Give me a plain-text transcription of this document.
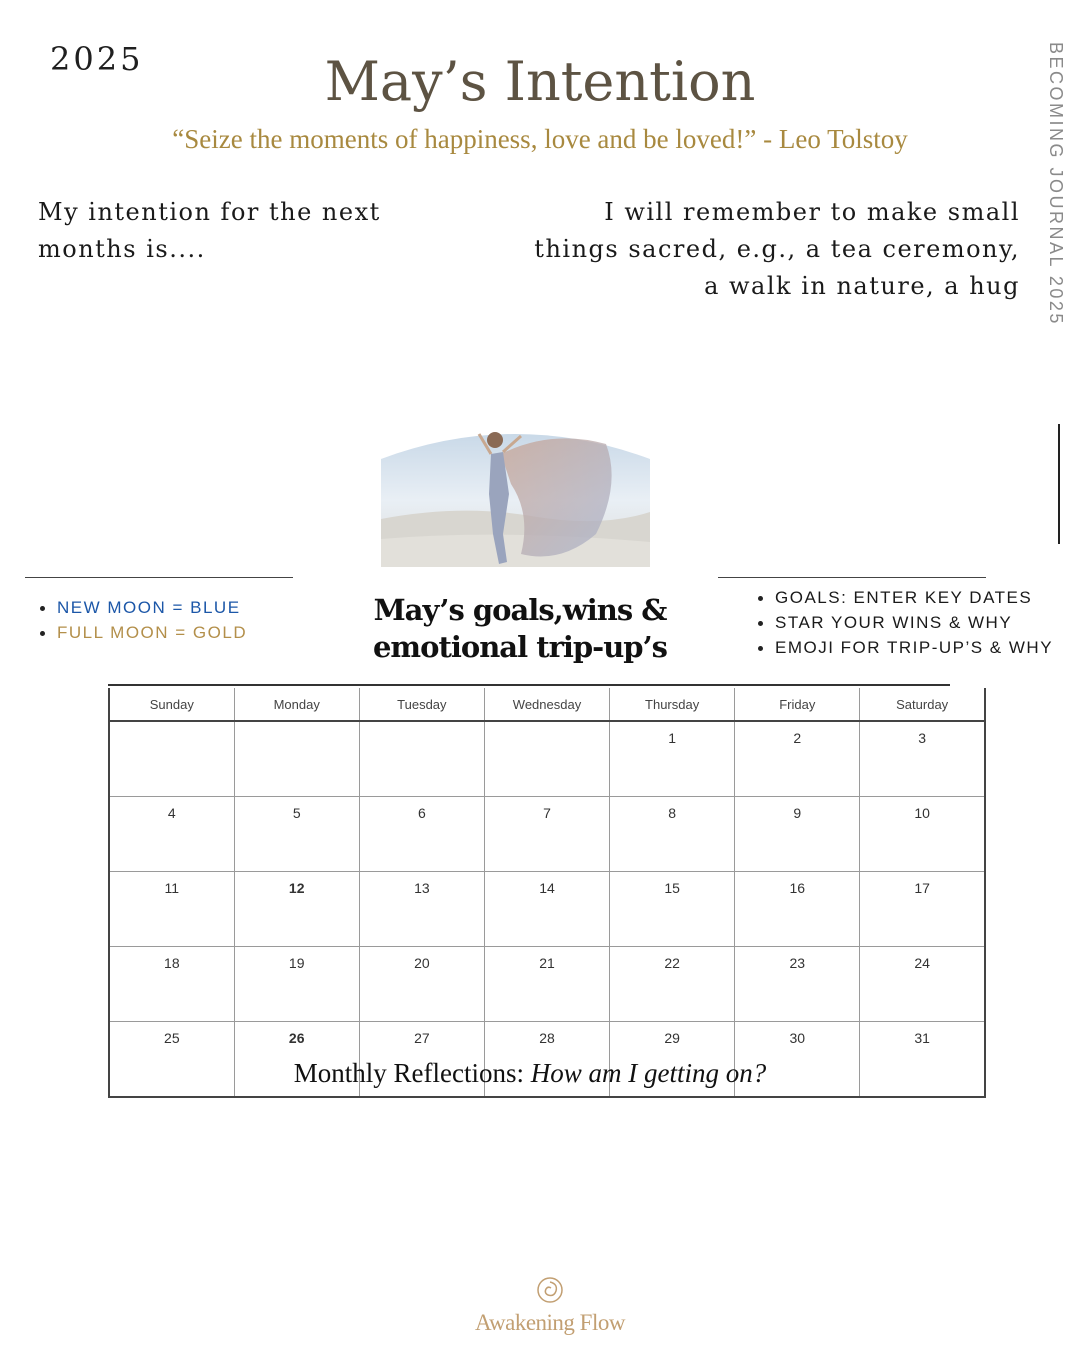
2025	May’s Intention
“Seize the moments of happiness, love and be loved!” - Leo Tolstoy	BECOMING JOURNAL 2025
My intention for the next months is....
I will remember to make small things sacred, e.g., a tea ceremony, a walk in nature, a hug
NEW MOON = BLUE
FULL MOON = GOLD
May’s goals,wins & emotional trip-up’s
GOALS: ENTER KEY DATES
STAR YOUR WINS & WHY
EMOJI FOR TRIP-UP’S & WHY
Sunday	Monday	Tuesday	Wednesday	Thursday	Friday	Saturday
				1	2	3
4	5	6	7	8	9	10
11	12	13	14	15	16	17
18	19	20	21	22	23	24
25	26	27	28	29	30	31
Monthly Reflections: How am I getting on?
Awakening Flow
